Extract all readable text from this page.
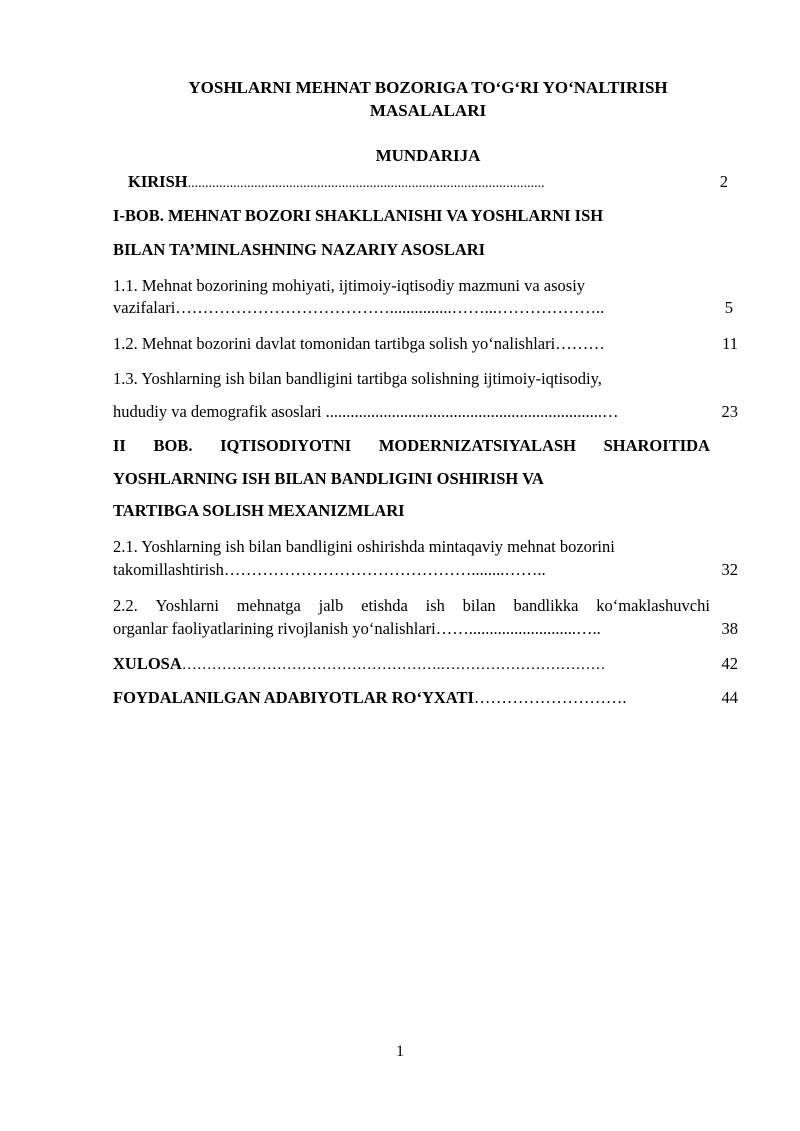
YOSHLARNI MEHNAT BOZORIGA TO‘G‘RI YO‘NALTIRISH
MASALALARI
MUNDARIJA
KIRISH......................................................................................................	2
I-BOB. MEHNAT BOZORI SHAKLLANISHI VA YOSHLARNI ISH
BILAN TA’MINLASHNING NAZARIY ASOSLARI
1.1. Mehnat bozorining mohiyati, ijtimoiy-iqtisodiy mazmuni va asosiy
vazifalari…………………………………...............……...………………..	5
1.2. Mehnat bozorini davlat tomonidan tartibga solish yo‘nalishlari………	11
1.3. Yoshlarning ish bilan bandligini tartibga solishning ijtimoiy-iqtisodiy,
hududiy va demografik asoslari ...................................................................…	23
II BOB. IQTISODIYOTNI MODERNIZATSIYALASH SHAROITIDA
YOSHLARNING ISH BILAN BANDLIGINI OSHIRISH VA
TARTIBGA SOLISH MEXANIZMLARI
2.1. Yoshlarning ish bilan bandligini oshirishda mintaqaviy mehnat bozorini
takomillashtirish………………………………………........……..	32
2.2. Yoshlarni mehnatga jalb etishda ish bilan bandlikka ko‘maklashuvchi
organlar faoliyatlarining rivojlanish yo‘nalishlari……..........................…..	38
XULOSA…………………………………………….……………………………	42
FOYDALANILGAN ADABIYOTLAR RO‘YXATI……………………….	44
1
